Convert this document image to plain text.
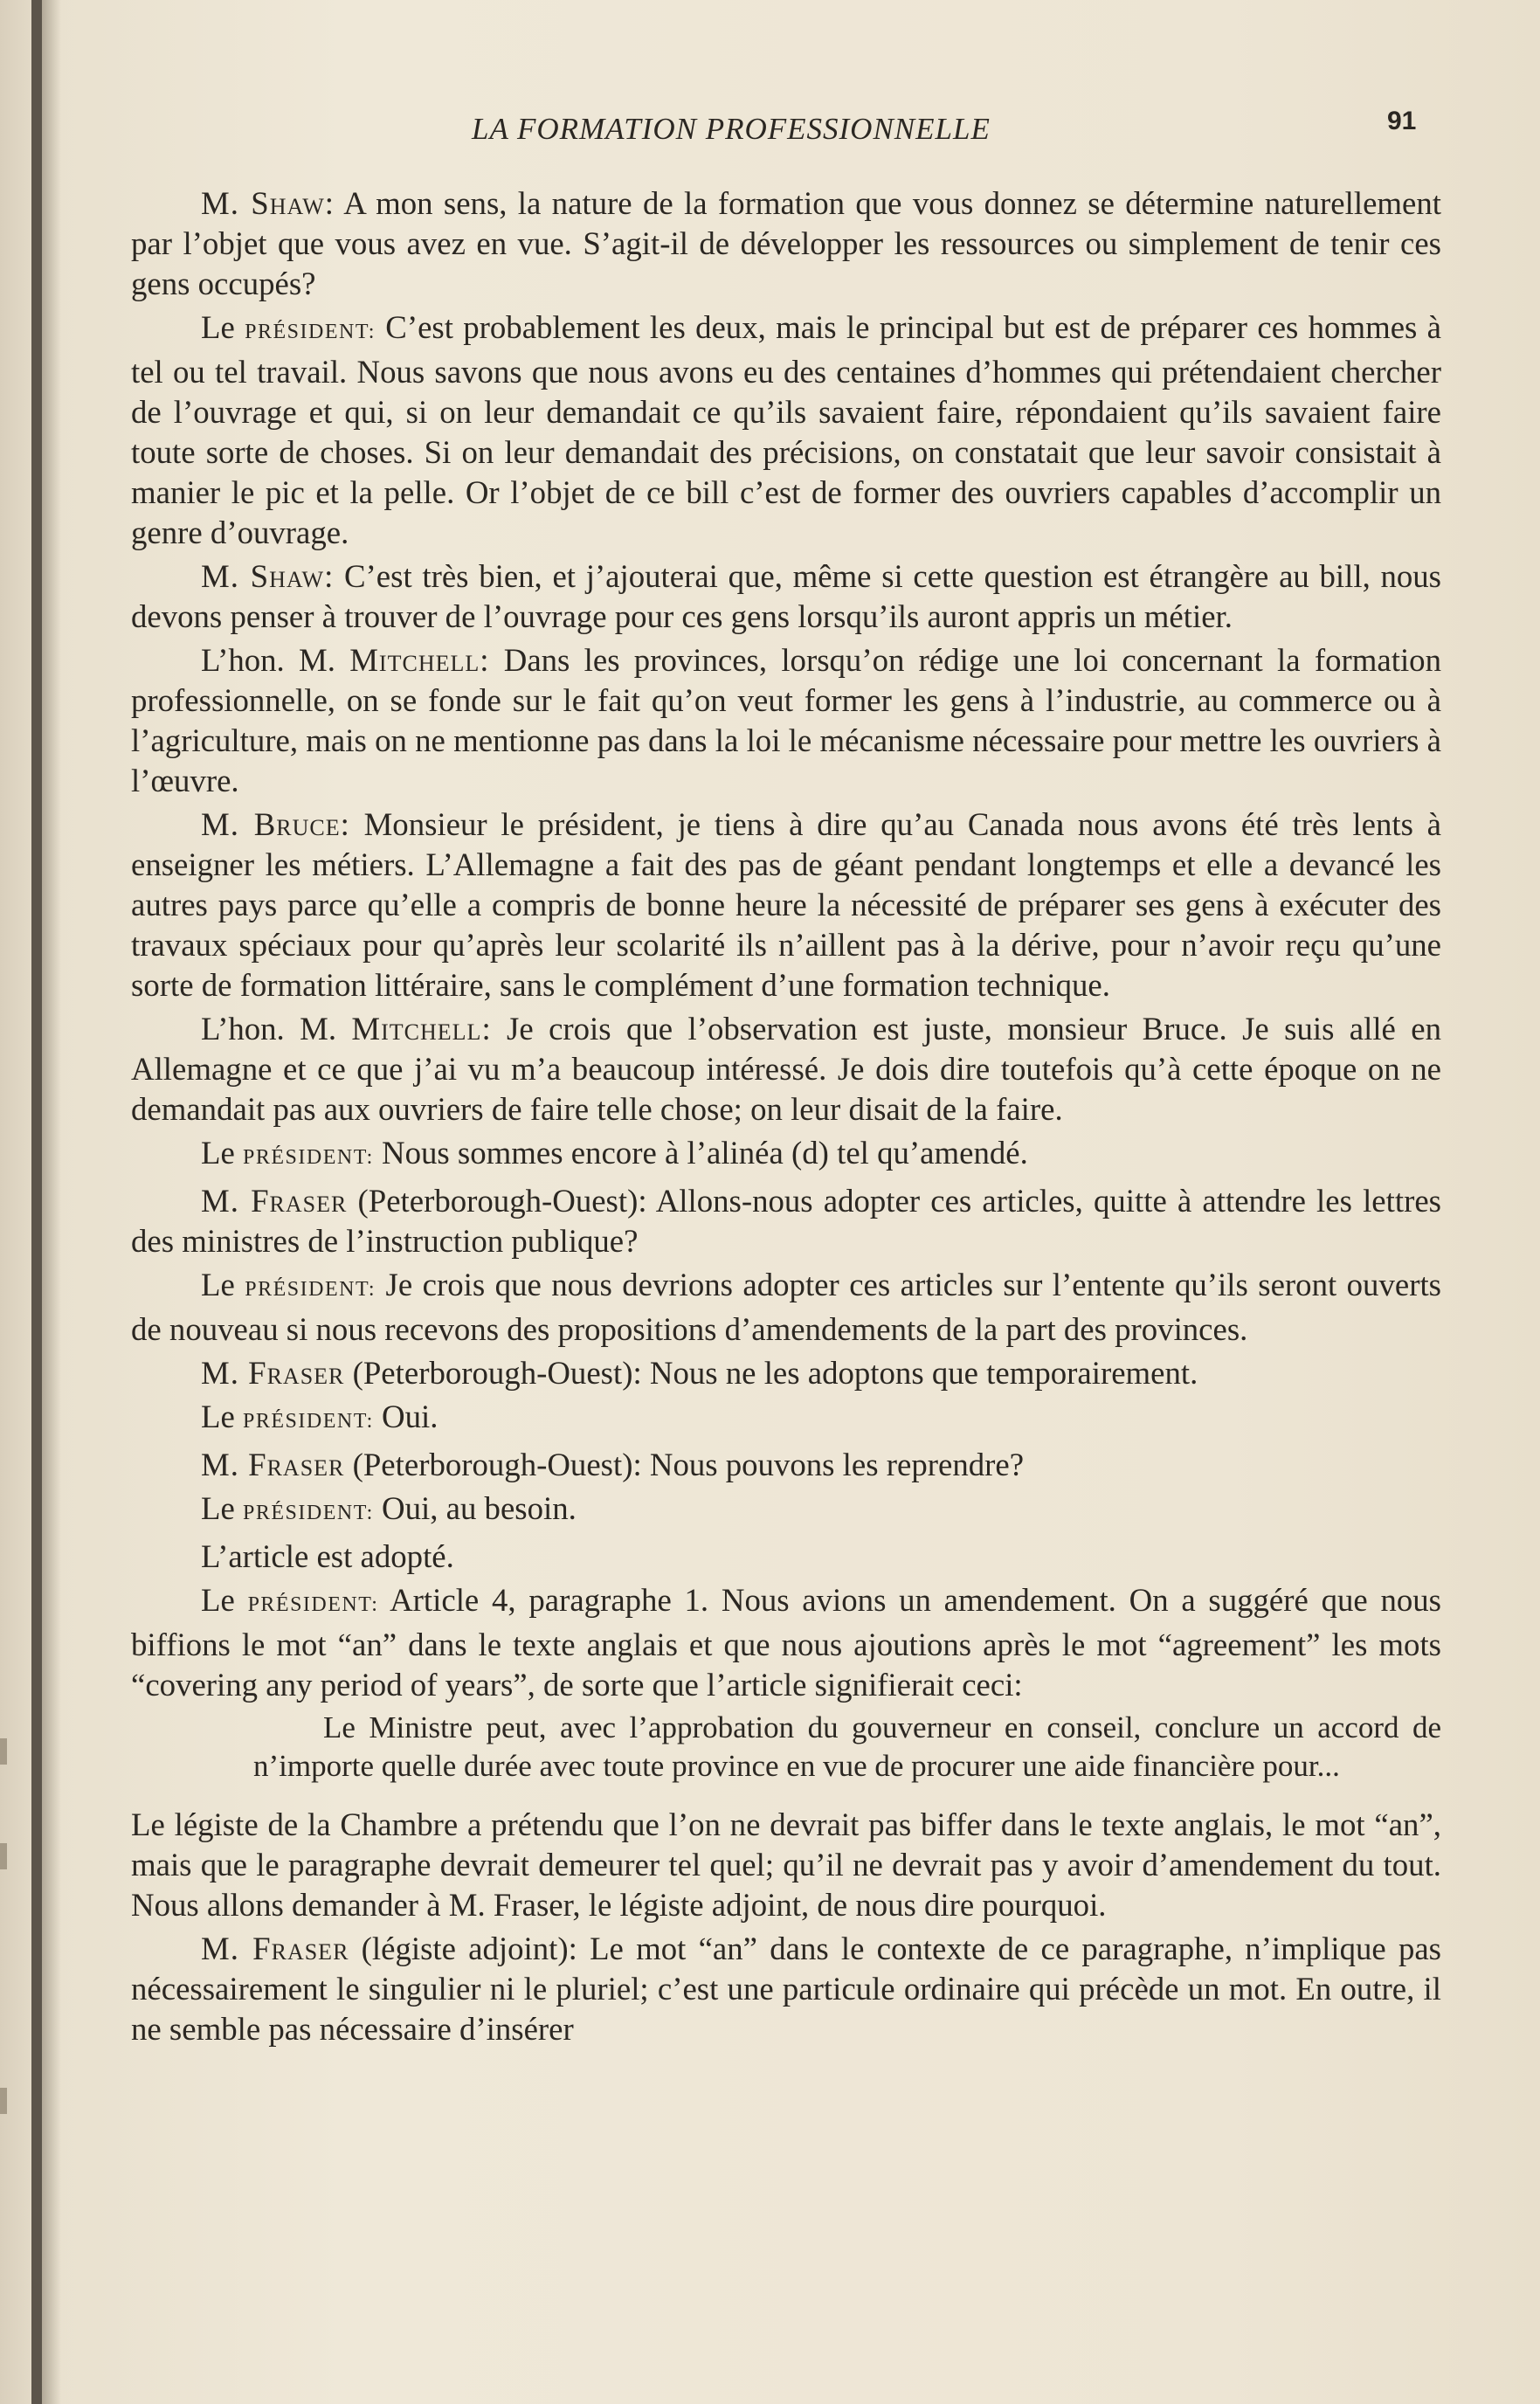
LA FORMATION PROFESSIONNELLE	91

M. Shaw: A mon sens, la nature de la formation que vous donnez se détermine naturellement par l’objet que vous avez en vue. S’agit-il de développer les ressources ou simplement de tenir ces gens occupés?

Le PRÉSIDENT: C’est probablement les deux, mais le principal but est de préparer ces hommes à tel ou tel travail. Nous savons que nous avons eu des centaines d’hommes qui prétendaient chercher de l’ouvrage et qui, si on leur demandait ce qu’ils savaient faire, répondaient qu’ils savaient faire toute sorte de choses. Si on leur demandait des précisions, on constatait que leur savoir consistait à manier le pic et la pelle. Or l’objet de ce bill c’est de former des ouvriers capables d’accomplir un genre d’ouvrage.

M. Shaw: C’est très bien, et j’ajouterai que, même si cette question est étrangère au bill, nous devons penser à trouver de l’ouvrage pour ces gens lorsqu’ils auront appris un métier.

L’hon. M. Mitchell: Dans les provinces, lorsqu’on rédige une loi concernant la formation professionnelle, on se fonde sur le fait qu’on veut former les gens à l’industrie, au commerce ou à l’agriculture, mais on ne mentionne pas dans la loi le mécanisme nécessaire pour mettre les ouvriers à l’œuvre.

M. Bruce: Monsieur le président, je tiens à dire qu’au Canada nous avons été très lents à enseigner les métiers. L’Allemagne a fait des pas de géant pendant longtemps et elle a devancé les autres pays parce qu’elle a compris de bonne heure la nécessité de préparer ses gens à exécuter des travaux spéciaux pour qu’après leur scolarité ils n’aillent pas à la dérive, pour n’avoir reçu qu’une sorte de formation littéraire, sans le complément d’une formation technique.

L’hon. M. Mitchell: Je crois que l’observation est juste, monsieur Bruce. Je suis allé en Allemagne et ce que j’ai vu m’a beaucoup intéressé. Je dois dire toutefois qu’à cette époque on ne demandait pas aux ouvriers de faire telle chose; on leur disait de la faire.

Le PRÉSIDENT: Nous sommes encore à l’alinéa (d) tel qu’amendé.

M. Fraser (Peterborough-Ouest): Allons-nous adopter ces articles, quitte à attendre les lettres des ministres de l’instruction publique?

Le PRÉSIDENT: Je crois que nous devrions adopter ces articles sur l’entente qu’ils seront ouverts de nouveau si nous recevons des propositions d’amendements de la part des provinces.

M. Fraser (Peterborough-Ouest): Nous ne les adoptons que temporairement.

Le PRÉSIDENT: Oui.

M. Fraser (Peterborough-Ouest): Nous pouvons les reprendre?

Le PRÉSIDENT: Oui, au besoin.

L’article est adopté.

Le PRÉSIDENT: Article 4, paragraphe 1. Nous avions un amendement. On a suggéré que nous biffions le mot “an” dans le texte anglais et que nous ajoutions après le mot “agreement” les mots “covering any period of years”, de sorte que l’article signifierait ceci:

Le Ministre peut, avec l’approbation du gouverneur en conseil, conclure un accord de n’importe quelle durée avec toute province en vue de procurer une aide financière pour...

Le légiste de la Chambre a prétendu que l’on ne devrait pas biffer dans le texte anglais, le mot “an”, mais que le paragraphe devrait demeurer tel quel; qu’il ne devrait pas y avoir d’amendement du tout. Nous allons demander à M. Fraser, le légiste adjoint, de nous dire pourquoi.

M. Fraser (légiste adjoint): Le mot “an” dans le contexte de ce paragraphe, n’implique pas nécessairement le singulier ni le pluriel; c’est une particule ordinaire qui précède un mot. En outre, il ne semble pas nécessaire d’insérer
